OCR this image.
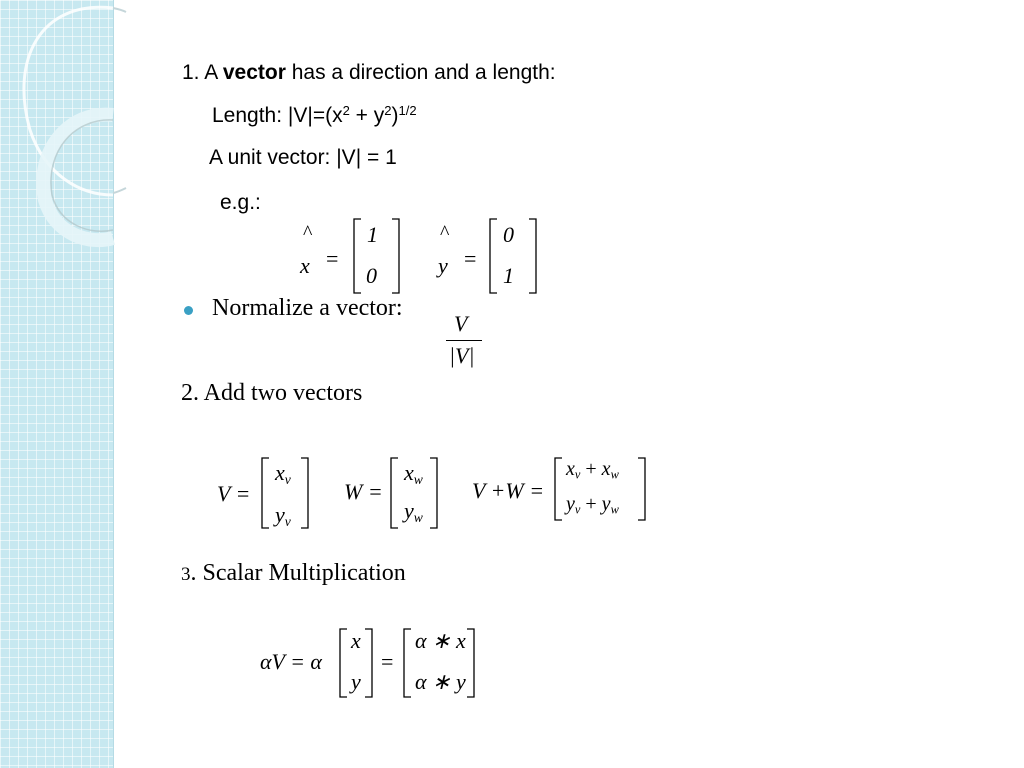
1. A vector has a direction and a length:
Length: $|V|=(x^2 + y^2)^{1/2}$
A unit vector: |V| = 1
e.g.:
^
x =
1
0
^
y =
0
1
Normalize a vector:
V
|V|
2. Add two vectors
V =
$x_v$
$y_v$
W =
$x_w$
$y_w$
V +W =
$x_v + x_w$
$y_v + y_w$
3. Scalar Multiplication
αV = α
x
y
=
α ∗ x
α ∗ y
